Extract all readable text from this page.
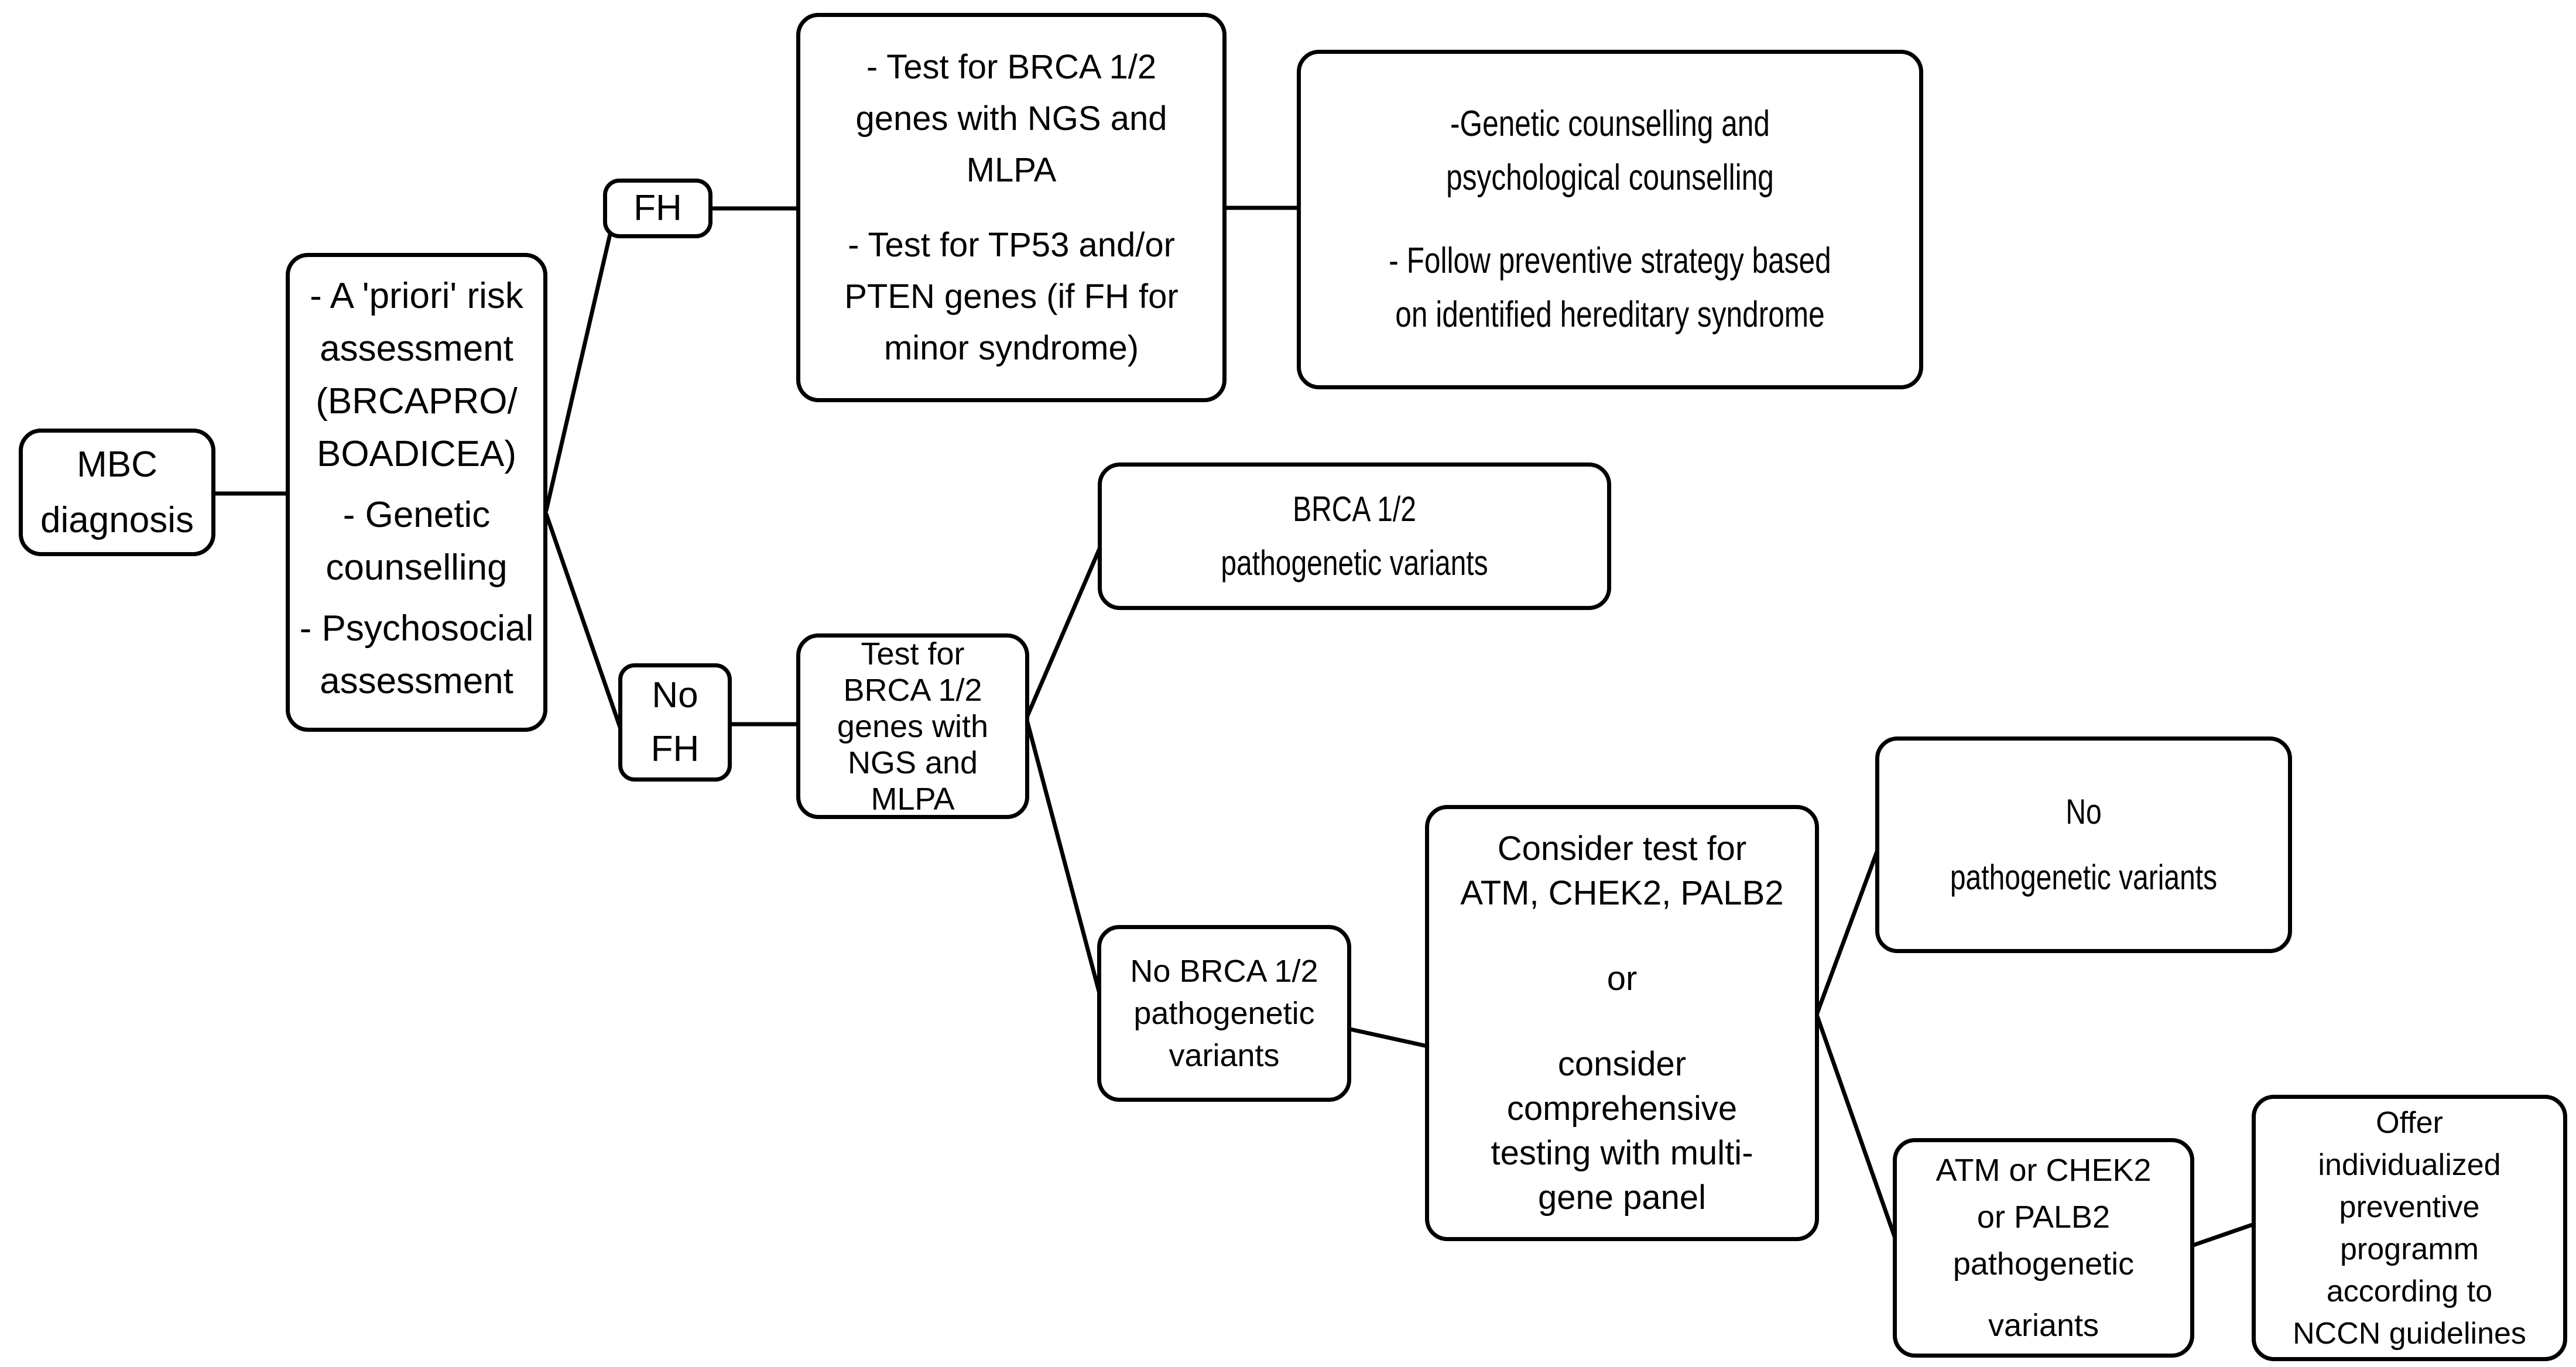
MBC
diagnosis
- A 'priori' risk
assessment
(BRCAPRO/
BOADICEA)
- Genetic
counselling
- Psychosocial
assessment
FH
- Test for BRCA 1/2
genes with NGS and
MLPA
- Test for TP53 and/or
PTEN genes (if FH for
minor syndrome)
-Genetic counselling and
psychological counselling
- Follow preventive strategy based
on identified hereditary syndrome
No
FH
Test for
BRCA 1/2
genes with
NGS and
MLPA
BRCA 1/2
pathogenetic variants
No BRCA 1/2
pathogenetic
variants
Consider test for
ATM, CHEK2, PALB2
or
consider
comprehensive
testing with multi-
gene panel
No
pathogenetic variants
ATM or CHEK2
or PALB2
pathogenetic
variants
Offer
individualized
preventive
programm
according to
NCCN guidelines
